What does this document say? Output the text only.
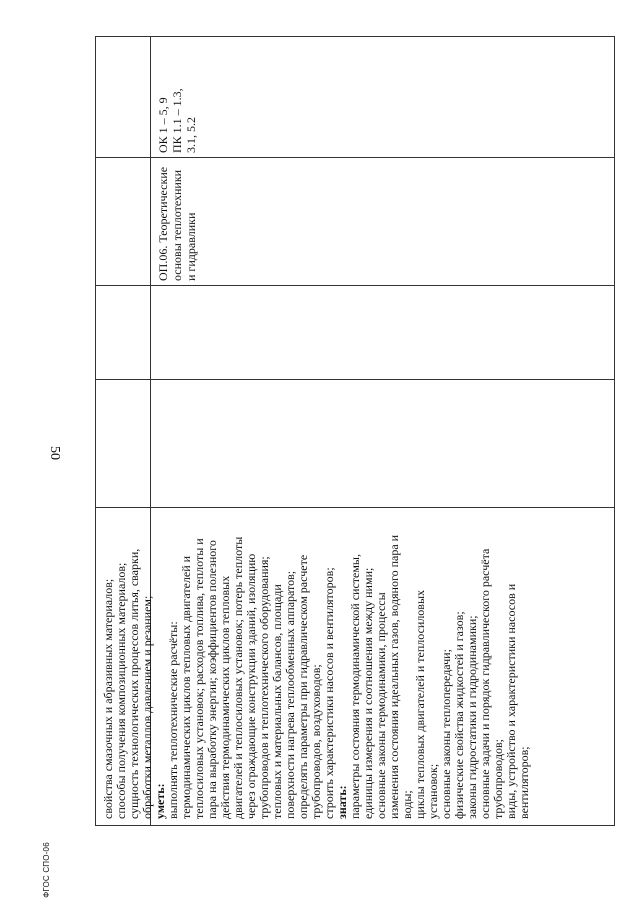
50
ФГОС СПО-06
свойства смазочных и абразивных материалов; способы получения композиционных материалов; сущность технологических процессов литья, сварки, обработки металлов давлением и резанием; уметь: выполнять теплотехнические расчёты: термодинамических циклов тепловых двигателей и теплосиловых установок; расходов топлива, теплоты и пара на выработку энергии; коэффициентов полезного действия термодинамических циклов тепловых двигателей и теплосиловых установок; потерь теплоты через ограждающие конструкции зданий, изоляцию трубопроводов и теплотехнического оборудования; тепловых и материальных балансов, площади поверхности нагрева теплообменных аппаратов; определять параметры при гидравлическом расчете трубопроводов, воздуховодов; строить характеристики насосов и вентиляторов; знать: параметры состояния термодинамической системы, единицы измерения и соотношения между ними; основные законы термодинамики, процессы изменения состояния идеальных газов, водяного пара и воды; циклы тепловых двигателей и теплосиловых установок; основные законы теплопередачи; физические свойства жидкостей и газов; законы гидростатики и гидродинамики; основные задачи и порядок гидравлического расчёта трубопроводов; виды, устройство и характеристики насосов и вентиляторов;
ОП.06. Теоретические основы теплотехники и гидравлики
ОК 1 – 5, 9 ПК 1.1 – 1.3, 3.1, 5.2
